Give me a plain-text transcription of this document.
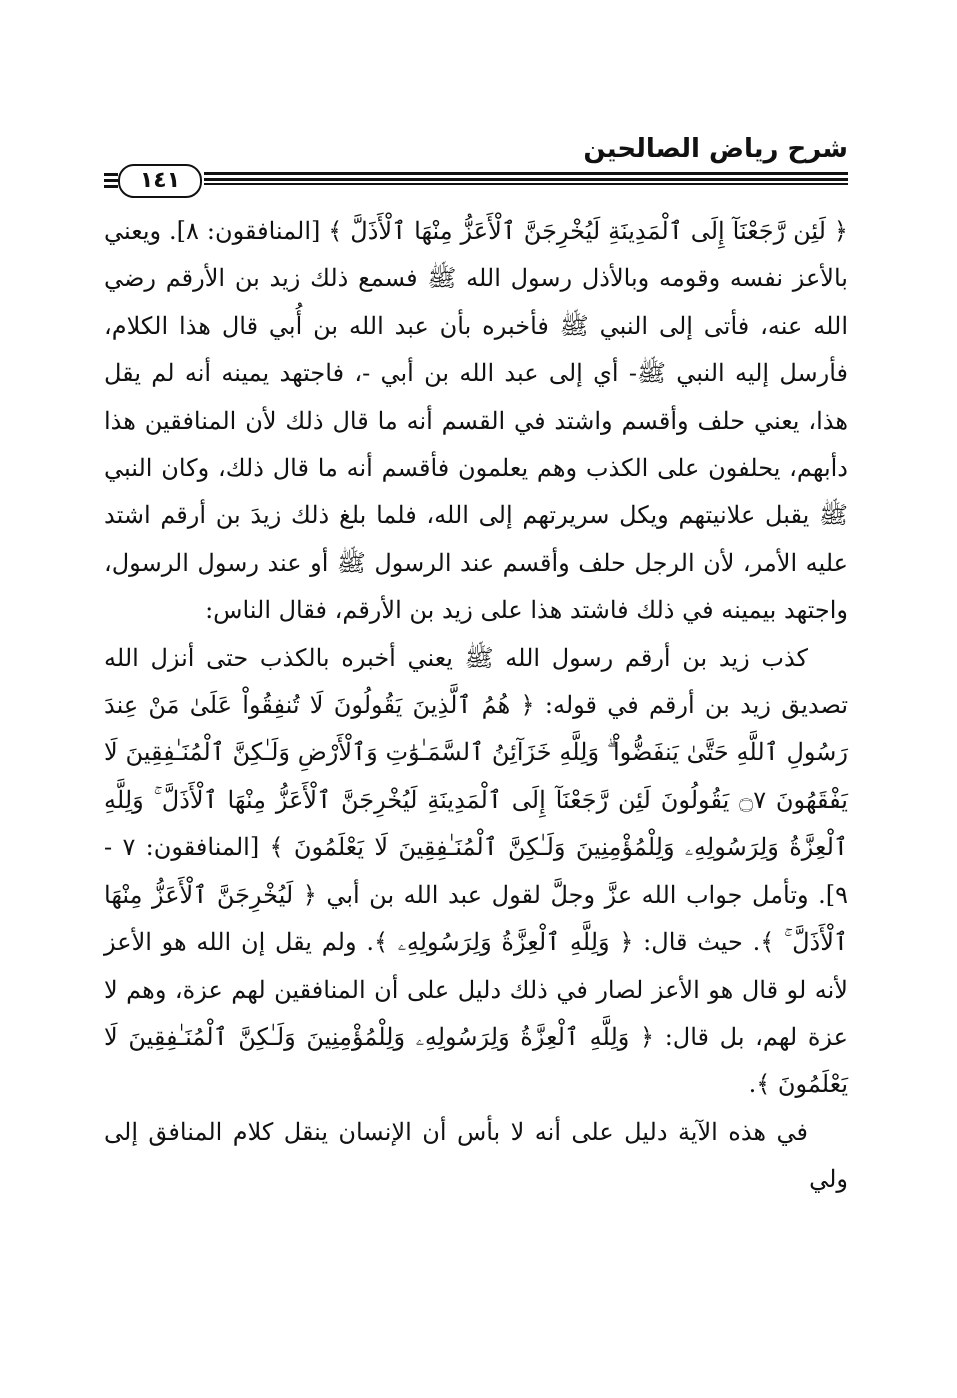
شرح رياض الصالحين
١٤١

﴿ لَئِن رَّجَعْنَآ إِلَى ٱلْمَدِينَةِ لَيُخْرِجَنَّ ٱلْأَعَزُّ مِنْهَا ٱلْأَذَلَّ ﴾ [المنافقون: ٨]. ويعني بالأعز نفسه وقومه وبالأذل رسول الله ﷺ فسمع ذلك زيد بن الأرقم رضي الله عنه، فأتى إلى النبي ﷺ فأخبره بأن عبد الله بن أُبي قال هذا الكلام، فأرسل إليه النبي ﷺ- أي إلى عبد الله بن أبي -، فاجتهد يمينه أنه لم يقل هذا، يعني حلف وأقسم واشتد في القسم أنه ما قال ذلك لأن المنافقين هذا دأبهم، يحلفون على الكذب وهم يعلمون فأقسم أنه ما قال ذلك، وكان النبي ﷺ يقبل علانيتهم ويكل سريرتهم إلى الله، فلما بلغ ذلك زيدَ بن أرقم اشتد عليه الأمر، لأن الرجل حلف وأقسم عند الرسول ﷺ أو عند رسول الرسول، واجتهد بيمينه في ذلك فاشتد هذا على زيد بن الأرقم، فقال الناس:

كذب زيد بن أرقم رسول الله ﷺ يعني أخبره بالكذب حتى أنزل الله تصديق زيد بن أرقم في قوله: ﴿ هُمُ ٱلَّذِينَ يَقُولُونَ لَا تُنفِقُواْ عَلَىٰ مَنْ عِندَ رَسُولِ ٱللَّهِ حَتَّىٰ يَنفَضُّواْ ۗ وَلِلَّهِ خَزَآئِنُ ٱلسَّمَـٰوَٰتِ وَٱلْأَرْضِ وَلَـٰكِنَّ ٱلْمُنَـٰفِقِينَ لَا يَفْقَهُونَ ۝٧ يَقُولُونَ لَئِن رَّجَعْنَآ إِلَى ٱلْمَدِينَةِ لَيُخْرِجَنَّ ٱلْأَعَزُّ مِنْهَا ٱلْأَذَلَّ ۚ وَلِلَّهِ ٱلْعِزَّةُ وَلِرَسُولِهِۦ وَلِلْمُؤْمِنِينَ وَلَـٰكِنَّ ٱلْمُنَـٰفِقِينَ لَا يَعْلَمُونَ ﴾ [المنافقون: ٧ - ٩]. وتأمل جواب الله عزَّ وجلَّ لقول عبد الله بن أبي ﴿ لَيُخْرِجَنَّ ٱلْأَعَزُّ مِنْهَا ٱلْأَذَلَّ ۚ ﴾. حيث قال: ﴿ وَلِلَّهِ ٱلْعِزَّةُ وَلِرَسُولِهِۦ ﴾. ولم يقل إن الله هو الأعز لأنه لو قال هو الأعز لصار في ذلك دليل على أن المنافقين لهم عزة، وهم لا عزة لهم، بل قال: ﴿ وَلِلَّهِ ٱلْعِزَّةُ وَلِرَسُولِهِۦ وَلِلْمُؤْمِنِينَ وَلَـٰكِنَّ ٱلْمُنَـٰفِقِينَ لَا يَعْلَمُونَ ﴾.

في هذه الآية دليل على أنه لا بأس أن الإنسان ينقل كلام المنافق إلى ولي
